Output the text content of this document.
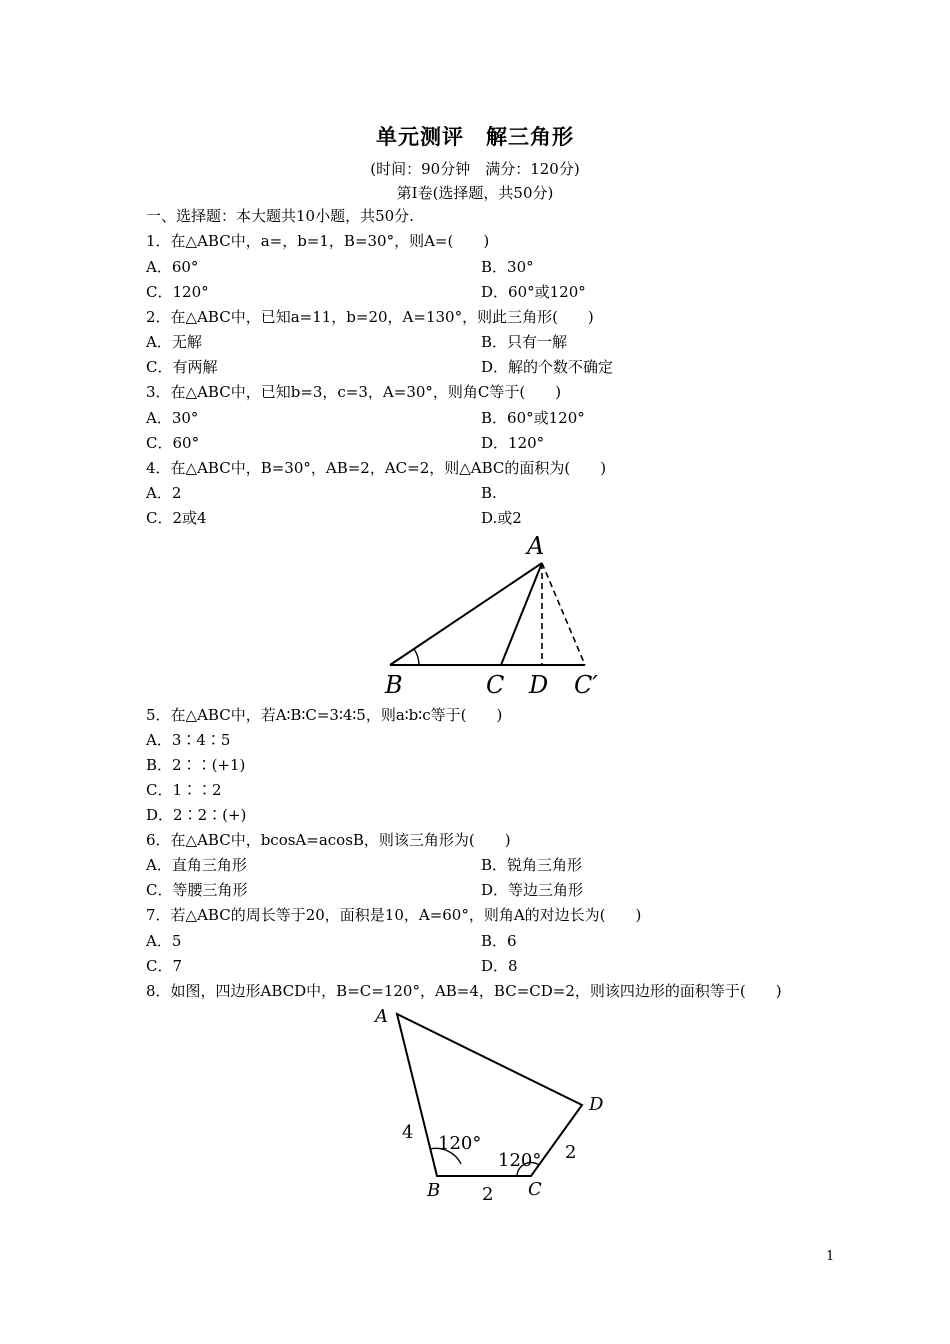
单元测评　解三角形
(时间：90分钟　满分：120分)
第Ⅰ卷(选择题，共50分)
一、选择题：本大题共10小题，共50分.
1．在△ABC中，a=，b=1，B=30°，则A=(　　)
A．60°	B．30°
C．120°	D．60°或120°
2．在△ABC中，已知a=11，b=20，A=130°，则此三角形(　　)
A．无解	B．只有一解
C．有两解	D．解的个数不确定
3．在△ABC中，已知b=3，c=3，A=30°，则角C等于(　　)
A．30°	B．60°或120°
C．60°	D．120°
4．在△ABC中，B=30°，AB=2，AC=2，则△ABC的面积为(　　)
A．2	B.
C．2或4	D.或2
A
B	C D C′
5．在△ABC中，若A∶B∶C=3∶4∶5，则a∶b∶c等于(　　)
A．3∶4∶5
B．2∶∶(+1)
C．1∶∶2
D．2∶2∶(+)
6．在△ABC中，bcosA=acosB，则该三角形为(　　)
A．直角三角形	B．锐角三角形
C．等腰三角形	D．等边三角形
7．若△ABC的周长等于20，面积是10，A=60°，则角A的对边长为(　　)
A．5	B．6
C．7	D．8
8．如图，四边形ABCD中，B=C=120°，AB=4，BC=CD=2，则该四边形的面积等于(　　)
A
B	C
D
4
2
2
120°
120°
1
